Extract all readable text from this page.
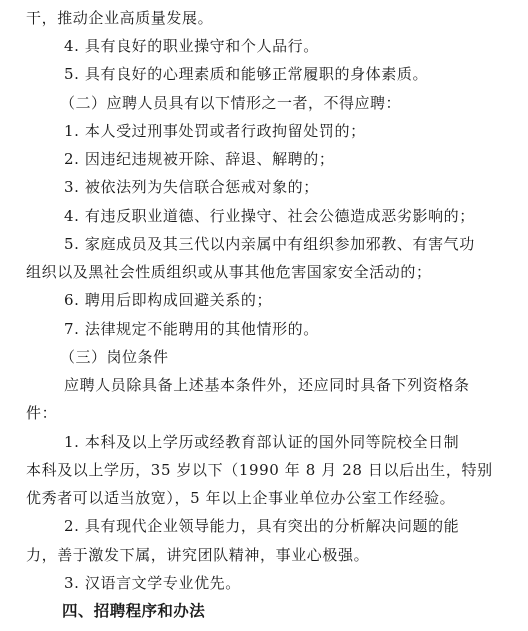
干，推动企业高质量发展。
4. 具有良好的职业操守和个人品行。
5. 具有良好的心理素质和能够正常履职的身体素质。
（二）应聘人员具有以下情形之一者，不得应聘：
1. 本人受过刑事处罚或者行政拘留处罚的；
2. 因违纪违规被开除、辞退、解聘的；
3. 被依法列为失信联合惩戒对象的；
4. 有违反职业道德、行业操守、社会公德造成恶劣影响的；
5. 家庭成员及其三代以内亲属中有组织参加邪教、有害气功
组织以及黑社会性质组织或从事其他危害国家安全活动的；
6. 聘用后即构成回避关系的；
7. 法律规定不能聘用的其他情形的。
（三）岗位条件
应聘人员除具备上述基本条件外，还应同时具备下列资格条
件：
1. 本科及以上学历或经教育部认证的国外同等院校全日制
本科及以上学历，35 岁以下（1990 年 8 月 28 日以后出生，特别
优秀者可以适当放宽），5 年以上企事业单位办公室工作经验。
2. 具有现代企业领导能力，具有突出的分析解决问题的能
力，善于激发下属，讲究团队精神，事业心极强。
3. 汉语言文学专业优先。
四、招聘程序和办法
